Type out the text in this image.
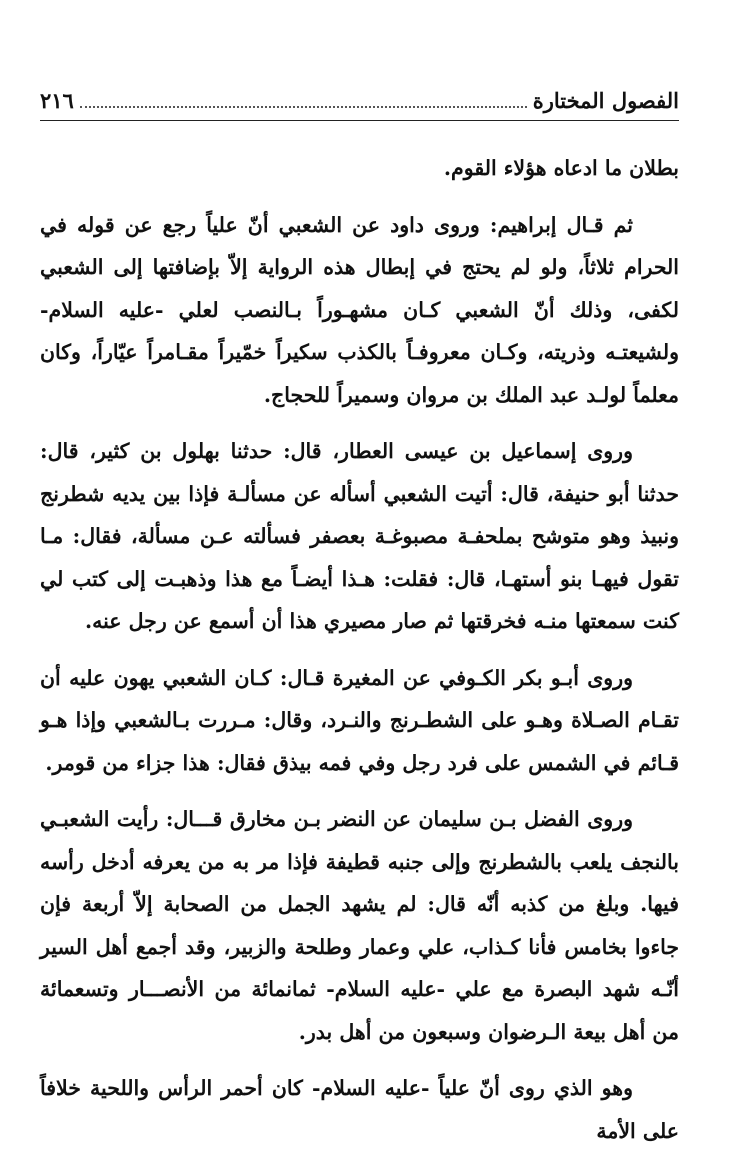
الفصول المختارة
٢١٦

بطلان ما ادعاه هؤلاء القوم.

ثم قـال إبراهيم: وروى داود عن الشعبي أنّ علياً رجع عن قوله في الحرام ثلاثاً، ولو لم يحتج في إبطال هذه الرواية إلاّ بإضافتها إلى الشعبي لكفى، وذلك أنّ الشعبي كـان مشهـوراً بـالنصب لعلي -عليه السلام- ولشيعتـه وذريته، وكـان معروفـاً بالكذب سكيراً خمّيراً مقـامراً عيّاراً، وكان معلماً لولـد عبد الملك بن مروان وسميراً للحجاج.

وروى إسماعيل بن عيسى العطار، قال: حدثنا بهلول بن كثير، قال: حدثنا أبو حنيفة، قال: أتيت الشعبي أسأله عن مسألـة فإذا بين يديه شطرنج ونبيذ وهو متوشح بملحفـة مصبوغـة بعصفر فسألته عـن مسألة، فقال: مـا تقول فيهـا بنو أستهـا، قال: فقلت: هـذا أيضـاً مع هذا وذهبـت إلى كتب لي كنت سمعتها منـه فخرقتها ثم صار مصيري هذا أن أسمع عن رجل عنه.

وروى أبـو بكر الكـوفي عن المغيرة قـال: كـان الشعبي يهون عليه أن تقـام الصـلاة وهـو على الشطـرنج والنـرد، وقال: مـررت بـالشعبي وإذا هـو قـائم في الشمس على فرد رجل وفي فمه بيذق فقال: هذا جزاء من قومر.

وروى الفضل بـن سليمان عن النضر بـن مخارق قـــال: رأيت الشعبـي بالنجف يلعب بالشطرنج وإلى جنبه قطيفة فإذا مر به من يعرفه أدخل رأسه فيها. وبلغ من كذبه أنّه قال: لم يشهد الجمل من الصحابة إلاّ أربعة فإن جاءوا بخامس فأنا كـذاب، علي وعمار وطلحة والزبير، وقد أجمع أهل السير أنّـه شهد البصرة مع علي -عليه السلام- ثمانمائة من الأنصـــار وتسعمائة من أهل بيعة الـرضوان وسبعون من أهل بدر.

وهو الذي روى أنّ علياً -عليه السلام- كان أحمر الرأس واللحية خلافاً على الأمة
